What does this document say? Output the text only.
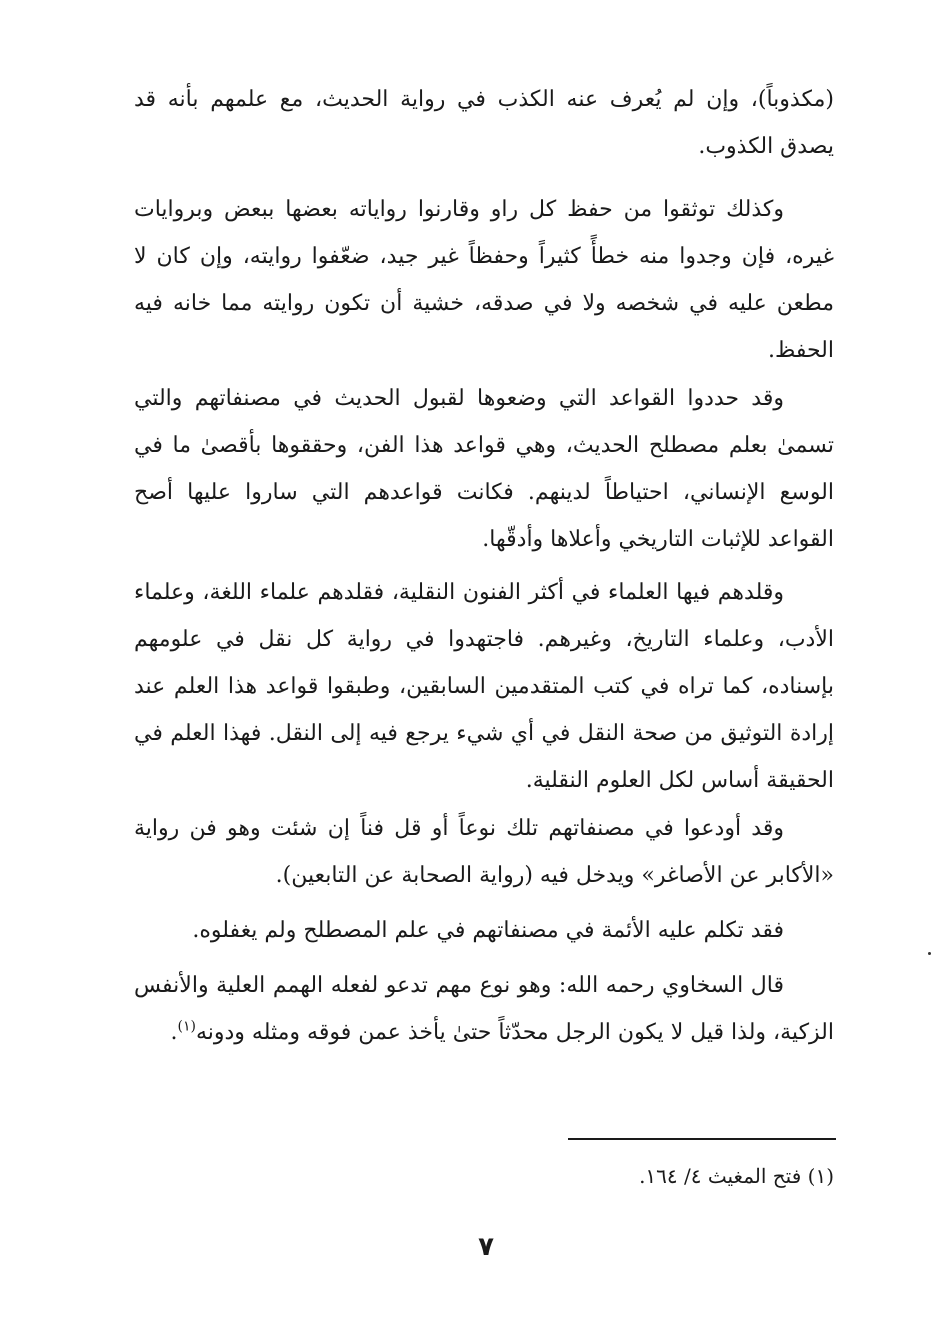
(مكذوباً)، وإن لم يُعرف عنه الكذب في رواية الحديث، مع علمهم بأنه قد يصدق الكذوب.

وكذلك توثقوا من حفظ كل راو وقارنوا رواياته بعضها ببعض وبروايات غيره، فإن وجدوا منه خطأً كثيراً وحفظاً غير جيد، ضعّفوا روايته، وإن كان لا مطعن عليه في شخصه ولا في صدقه، خشية أن تكون روايته مما خانه فيه الحفظ.

وقد حددوا القواعد التي وضعوها لقبول الحديث في مصنفاتهم والتي تسمىٰ بعلم مصطلح الحديث، وهي قواعد هذا الفن، وحققوها بأقصىٰ ما في الوسع الإنساني، احتياطاً لدينهم. فكانت قواعدهم التي ساروا عليها أصح القواعد للإثبات التاريخي وأعلاها وأدقّها.

وقلدهم فيها العلماء في أكثر الفنون النقلية، فقلدهم علماء اللغة، وعلماء الأدب، وعلماء التاريخ، وغيرهم. فاجتهدوا في رواية كل نقل في علومهم بإسناده، كما تراه في كتب المتقدمين السابقين، وطبقوا قواعد هذا العلم عند إرادة التوثيق من صحة النقل في أي شيء يرجع فيه إلى النقل. فهذا العلم في الحقيقة أساس لكل العلوم النقلية.

وقد أودعوا في مصنفاتهم تلك نوعاً أو قل فناً إن شئت وهو فن رواية «الأكابر عن الأصاغر» ويدخل فيه (رواية الصحابة عن التابعين).

فقد تكلم عليه الأئمة في مصنفاتهم في علم المصطلح ولم يغفلوه.

قال السخاوي رحمه الله: وهو نوع مهم تدعو لفعله الهمم العلية والأنفس الزكية، ولذا قيل لا يكون الرجل محدّثاً حتىٰ يأخذ عمن فوقه ومثله ودونه$^{(١)}$.

(١) فتح المغيث ٤/ ١٦٤.
٧
